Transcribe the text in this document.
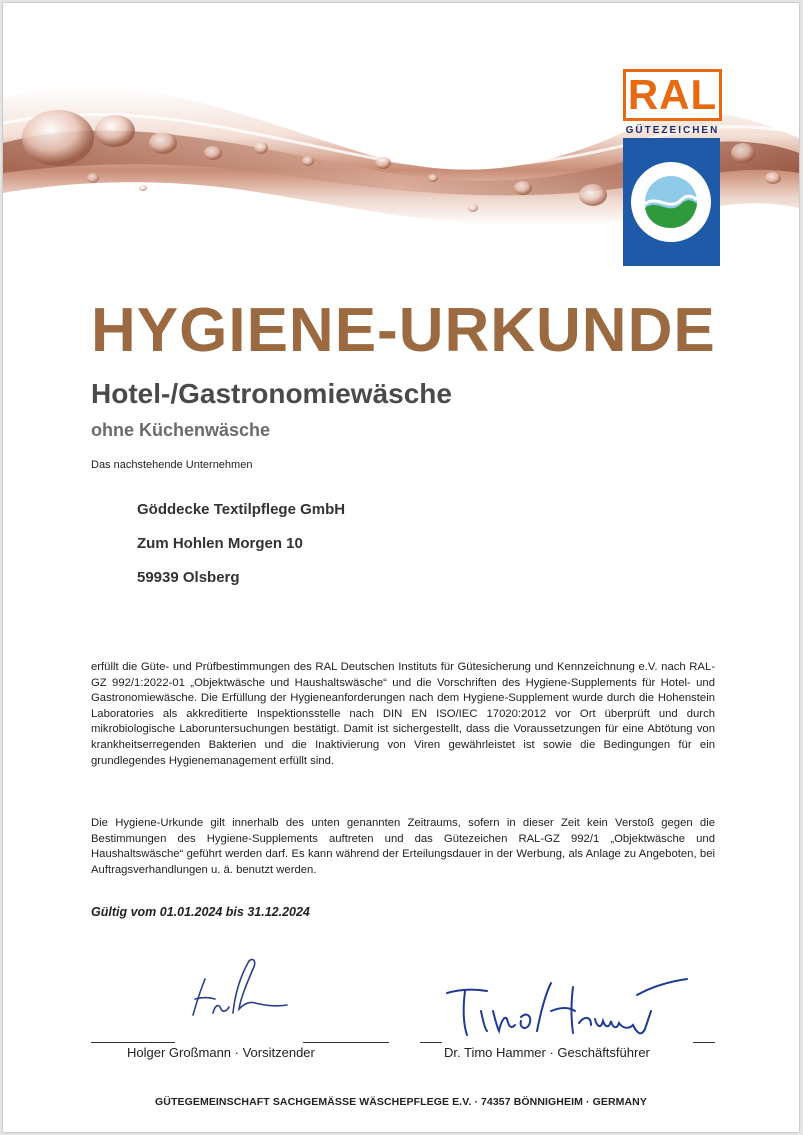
RAL
GÜTEZEICHEN
HYGIENE-URKUNDE
Hotel-/Gastronomiewäsche
ohne Küchenwäsche
Das nachstehende Unternehmen
Göddecke Textilpflege GmbH
Zum Hohlen Morgen 10
59939 Olsberg
erfüllt die Güte- und Prüfbestimmungen des RAL Deutschen Instituts für Gütesicherung und Kennzeichnung e.V. nach RAL-GZ 992/1:2022-01 „Objektwäsche und Haushaltswäsche“ und die Vorschriften des Hygiene-Supplements für Hotel- und Gastronomiewäsche. Die Erfüllung der Hygieneanforderungen nach dem Hygiene-Supplement wurde durch die Hohenstein Laboratories als akkreditierte Inspektionsstelle nach DIN EN ISO/IEC 17020:2012 vor Ort überprüft und durch mikrobiologische Laboruntersuchungen bestätigt. Damit ist sichergestellt, dass die Voraussetzungen für eine Abtötung von krankheitserregenden Bakterien und die Inaktivierung von Viren gewährleistet ist sowie die Bedingungen für ein grundlegendes Hygienemanagement erfüllt sind.
Die Hygiene-Urkunde gilt innerhalb des unten genannten Zeitraums, sofern in dieser Zeit kein Verstoß gegen die Bestimmungen des Hygiene-Supplements auftreten und das Gütezeichen RAL-GZ 992/1 „Objektwäsche und Haushaltswäsche“ geführt werden darf. Es kann während der Erteilungsdauer in der Werbung, als Anlage zu Angeboten, bei Auftragsverhandlungen u. ä. benutzt werden.
Gültig vom 01.01.2024 bis 31.12.2024
Holger Großmann · Vorsitzender	Dr. Timo Hammer · Geschäftsführer
GÜTEGEMEINSCHAFT SACHGEMÄSSE WÄSCHEPFLEGE E.V. · 74357 BÖNNIGHEIM · GERMANY
